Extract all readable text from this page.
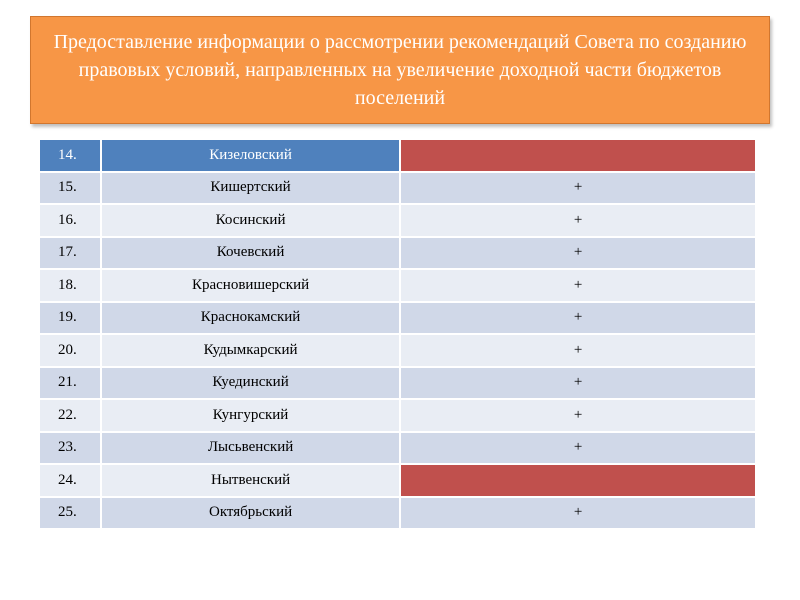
Предоставление информации о рассмотрении рекомендаций Совета по созданию правовых условий, направленных на увеличение доходной части бюджетов поселений
14.	Кизеловский	
15.	Кишертский	+
16.	Косинский	+
17.	Кочевский	+
18.	Красновишерский	+
19.	Краснокамский	+
20.	Кудымкарский	+
21.	Куединский	+
22.	Кунгурский	+
23.	Лысьвенский	+
24.	Нытвенский	
25.	Октябрьский	+
